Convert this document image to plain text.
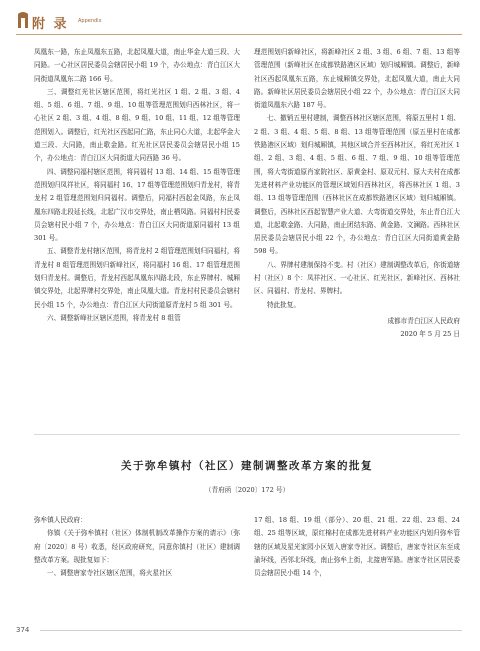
附 录 Appendix

凤凰东一路，东止凤凰东五路，北起凤凰大道，南止华金大道三段、大同路。一心社区居民委员会辖居民小组 19 个，办公地点：青白江区大同街道凤凰东二路 166 号。

三、调整红光社区辖区范围，将红光社区 1 组、2 组、3 组、4 组、5 组、6 组、7 组、9 组、10 组等管理范围划归西林社区，将一心社区 2 组、3 组、4 组、8 组、9 组、10 组、11 组、12 组等管理范围划入。调整后，红光社区西起同仁路，东止同心大道，北起华金大道三段、大同路，南止歌金路。红光社区居民委员会辖居民小组 15 个，办公地点：青白江区大同街道大同西路 36 号。

四、调整同福村辖区范围，将同福村 13 组、14 组、15 组等管理范围划归凤祥社区，将同福村 16、17 组等管理范围划归青龙村，将青龙村 2 组管理范围划归同福村。调整后，同福村西起金凤路，东止凤凰东四路北段延长线，北起广汉市交界处，南止栖凤路。同福村村民委员会辖村民小组 7 个，办公地点：青白江区大同街道原同福村 13 组 301 号。

五、调整青龙村辖区范围，将青龙村 2 组管理范围划归同福村，将青龙村 8 组管理范围划归新峰社区，将同福村 16 组、17 组管理范围划归青龙村。调整后，青龙村西起凤凰东四路北段，东止界牌村、城厢镇交界处，北起界牌村交界处，南止凤凰大道。青龙村村民委员会辖村民小组 15 个，办公地点：青白江区大同街道原青龙村 5 组 301 号。

六、调整新峰社区辖区范围，将青龙村 8 组管

理范围划归新峰社区，将新峰社区 2 组、3 组、6 组、7 组、13 组等管理范围（新峰社区在成都铁路港区区域）划归城厢镇。调整后，新峰社区西起凤凰东五路，东止城厢镇交界处，北起凤凰大道，南止大同路。新峰社区居民委员会辖居民小组 22 个，办公地点：青白江区大同街道凤凰东六路 187 号。

七、撤销五里村建制，调整西林社区辖区范围，将原五里村 1 组、2 组、3 组、4 组、5 组、8 组、13 组等管理范围（原五里村在成都铁路港区区域）划归城厢镇，其他区域合并至西林社区，将红光社区 1 组、2 组、3 组、4 组、5 组、6 组、7 组、9 组、10 组等管理范围，将大弯街道原肖家院社区、原黄金村、原双元村、原大夫村在成都先进材料产业功能区的管理区域划归西林社区，将西林社区 1 组、3 组、13 组等管理范围（西林社区在成都铁路港区区域）划归城厢镇。调整后，西林社区西起智慧产业大道、大弯街道交界处，东止青白江大道，北起歌金路、大同路，南止团结东路、黄金路、文澜路。西林社区居民委员会辖居民小组 22 个，办公地点：青白江区大同街道黄金路 598 号。

八、界牌村建制保持不变。村（社区）建制调整改革后，你街道辖村（社区）8 个：凤祥社区、一心社区、红光社区、新峰社区、西林社区、同福村、青龙村、界牌村。

特此批复。

成都市青白江区人民政府

2020 年 5 月 25 日

关于弥牟镇村（社区）建制调整改革方案的批复
（青府函〔2020〕172 号）

弥牟镇人民政府：

你镇《关于弥牟镇村（社区）体制机制改革操作方案的请示》（弥府〔2020〕8 号）收悉，经区政府研究，同意你镇村（社区）建制调整改革方案。现批复如下：

一、调整唐家寺社区辖区范围，将火星社区

17 组、18 组、19 组（部分）、20 组、21 组、22 组、23 组、24 组、25 组等区域，原红棉村在成都先进材料产业功能区内划归弥牟管辖的区域及星光家园小区划入唐家寺社区。调整后，唐家寺社区东至成渝环线，西邻北环线，南止弥牟上街，北接唐军路。唐家寺社区居民委员会辖居民小组 14 个，

374
